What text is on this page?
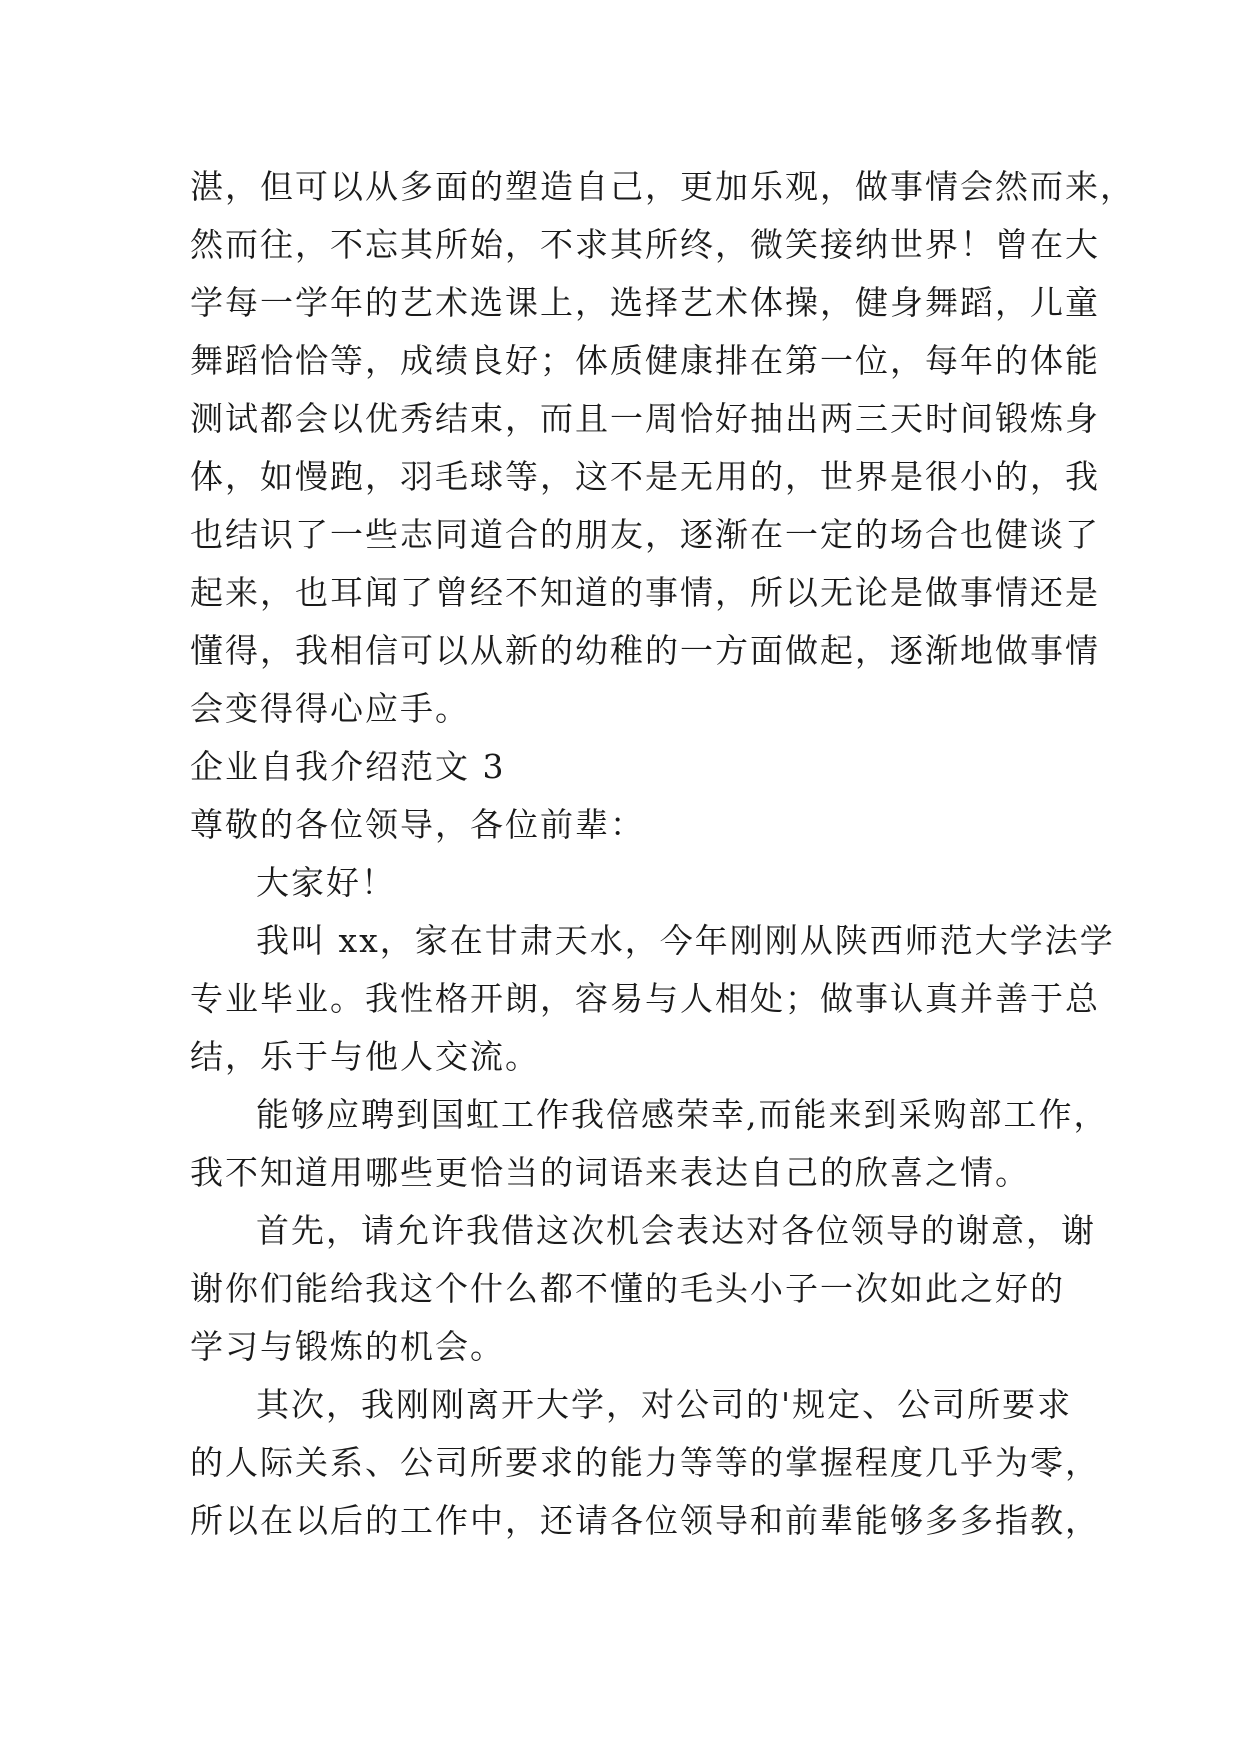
湛，但可以从多面的塑造自己，更加乐观，做事情会然而来，
然而往，不忘其所始，不求其所终，微笑接纳世界！曾在大
学每一学年的艺术选课上，选择艺术体操，健身舞蹈，儿童
舞蹈恰恰等，成绩良好；体质健康排在第一位，每年的体能
测试都会以优秀结束，而且一周恰好抽出两三天时间锻炼身
体，如慢跑，羽毛球等，这不是无用的，世界是很小的，我
也结识了一些志同道合的朋友，逐渐在一定的场合也健谈了
起来，也耳闻了曾经不知道的事情，所以无论是做事情还是
懂得，我相信可以从新的幼稚的一方面做起，逐渐地做事情
会变得得心应手。
企业自我介绍范文 3
尊敬的各位领导，各位前辈：
大家好！
我叫 xx，家在甘肃天水，今年刚刚从陕西师范大学法学
专业毕业。我性格开朗，容易与人相处；做事认真并善于总
结，乐于与他人交流。
能够应聘到国虹工作我倍感荣幸,而能来到采购部工作，
我不知道用哪些更恰当的词语来表达自己的欣喜之情。
首先，请允许我借这次机会表达对各位领导的谢意，谢
谢你们能给我这个什么都不懂的毛头小子一次如此之好的
学习与锻炼的机会。
其次，我刚刚离开大学，对公司的'规定、公司所要求
的人际关系、公司所要求的能力等等的掌握程度几乎为零，
所以在以后的工作中，还请各位领导和前辈能够多多指教，
